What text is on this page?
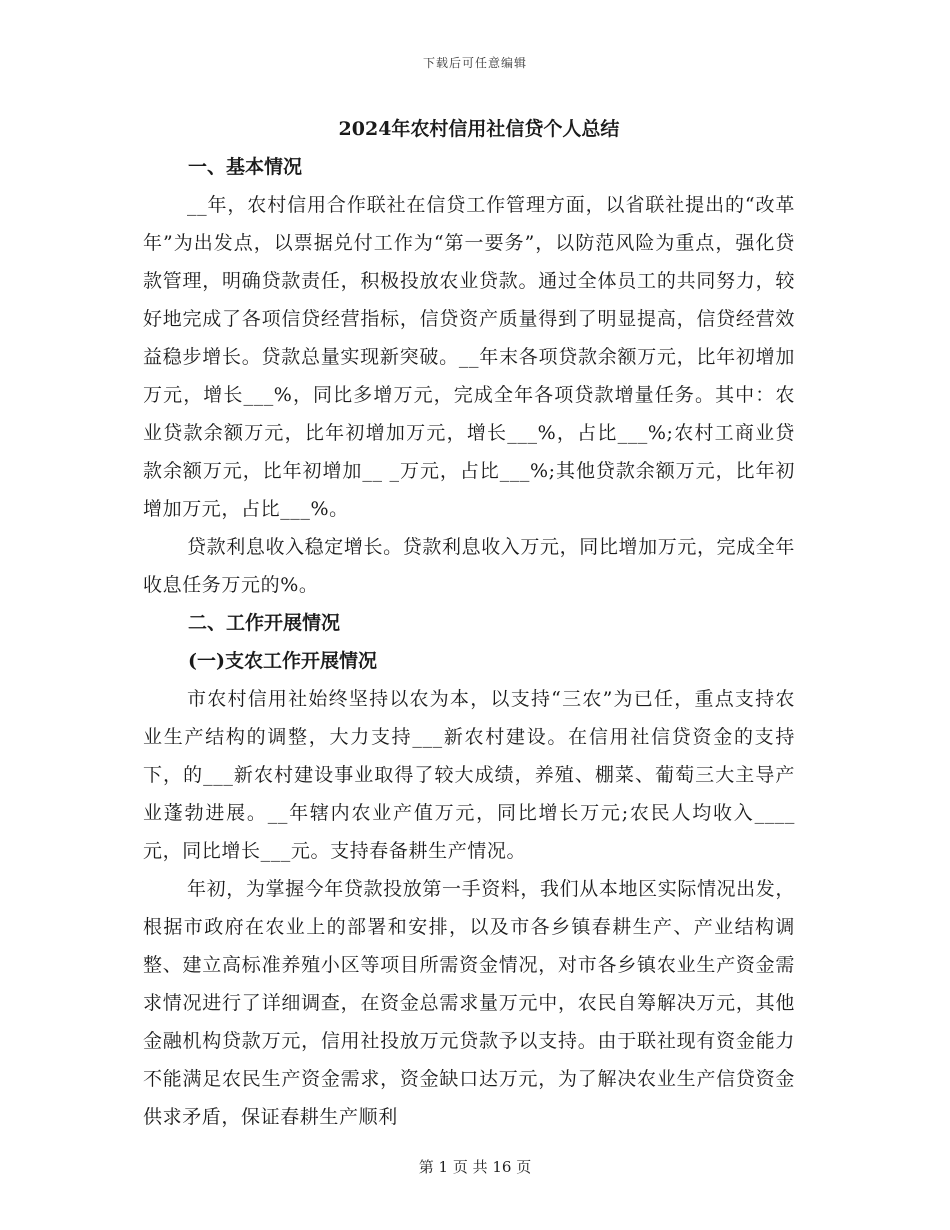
下载后可任意编辑
2024年农村信用社信贷个人总结
一、基本情况

__年，农村信用合作联社在信贷工作管理方面，以省联社提出的“改革年”为出发点，以票据兑付工作为“第一要务”，以防范风险为重点，强化贷款管理，明确贷款责任，积极投放农业贷款。通过全体员工的共同努力，较好地完成了各项信贷经营指标，信贷资产质量得到了明显提高，信贷经营效益稳步增长。贷款总量实现新突破。__年末各项贷款余额万元，比年初增加万元，增长___%，同比多增万元，完成全年各项贷款增量任务。其中：农业贷款余额万元，比年初增加万元，增长___%，占比___%;农村工商业贷款余额万元，比年初增加__ _万元，占比___%;其他贷款余额万元，比年初增加万元，占比___%。

贷款利息收入稳定增长。贷款利息收入万元，同比增加万元，完成全年收息任务万元的%。

二、工作开展情况
(一)支农工作开展情况

市农村信用社始终坚持以农为本，以支持“三农”为已任，重点支持农业生产结构的调整，大力支持___新农村建设。在信用社信贷资金的支持下，的___新农村建设事业取得了较大成绩，养殖、棚菜、葡萄三大主导产业蓬勃进展。__年辖内农业产值万元，同比增长万元;农民人均收入____元，同比增长___元。支持春备耕生产情况。

年初，为掌握今年贷款投放第一手资料，我们从本地区实际情况出发，根据市政府在农业上的部署和安排，以及市各乡镇春耕生产、产业结构调整、建立高标准养殖小区等项目所需资金情况，对市各乡镇农业生产资金需求情况进行了详细调查，在资金总需求量万元中，农民自筹解决万元，其他金融机构贷款万元，信用社投放万元贷款予以支持。由于联社现有资金能力不能满足农民生产资金需求，资金缺口达万元，为了解决农业生产信贷资金供求矛盾，保证春耕生产顺利

第 1 页 共 16 页
